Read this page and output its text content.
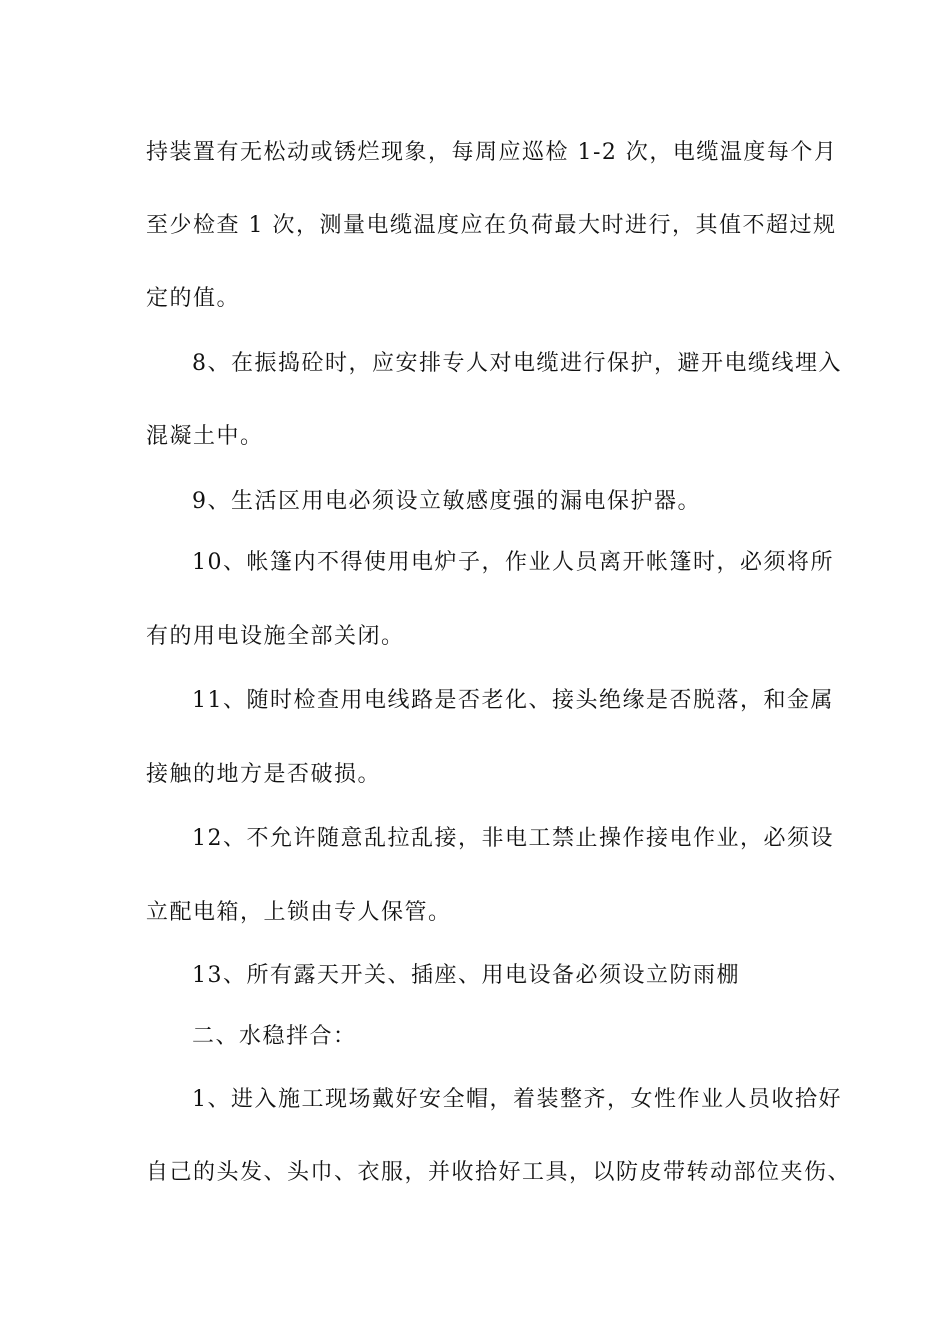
持装置有无松动或锈烂现象，每周应巡检 1-2 次，电缆温度每个月
至少检查 1 次，测量电缆温度应在负荷最大时进行，其值不超过规
定的值。
8、在振捣砼时，应安排专人对电缆进行保护，避开电缆线埋入
混凝土中。
9、生活区用电必须设立敏感度强的漏电保护器。
10、帐篷内不得使用电炉子，作业人员离开帐篷时，必须将所
有的用电设施全部关闭。
11、随时检查用电线路是否老化、接头绝缘是否脱落，和金属
接触的地方是否破损。
12、不允许随意乱拉乱接，非电工禁止操作接电作业，必须设
立配电箱，上锁由专人保管。
13、所有露天开关、插座、用电设备必须设立防雨棚
二、水稳拌合：
1、进入施工现场戴好安全帽，着装整齐，女性作业人员收拾好
自己的头发、头巾、衣服，并收拾好工具，以防皮带转动部位夹伤、
